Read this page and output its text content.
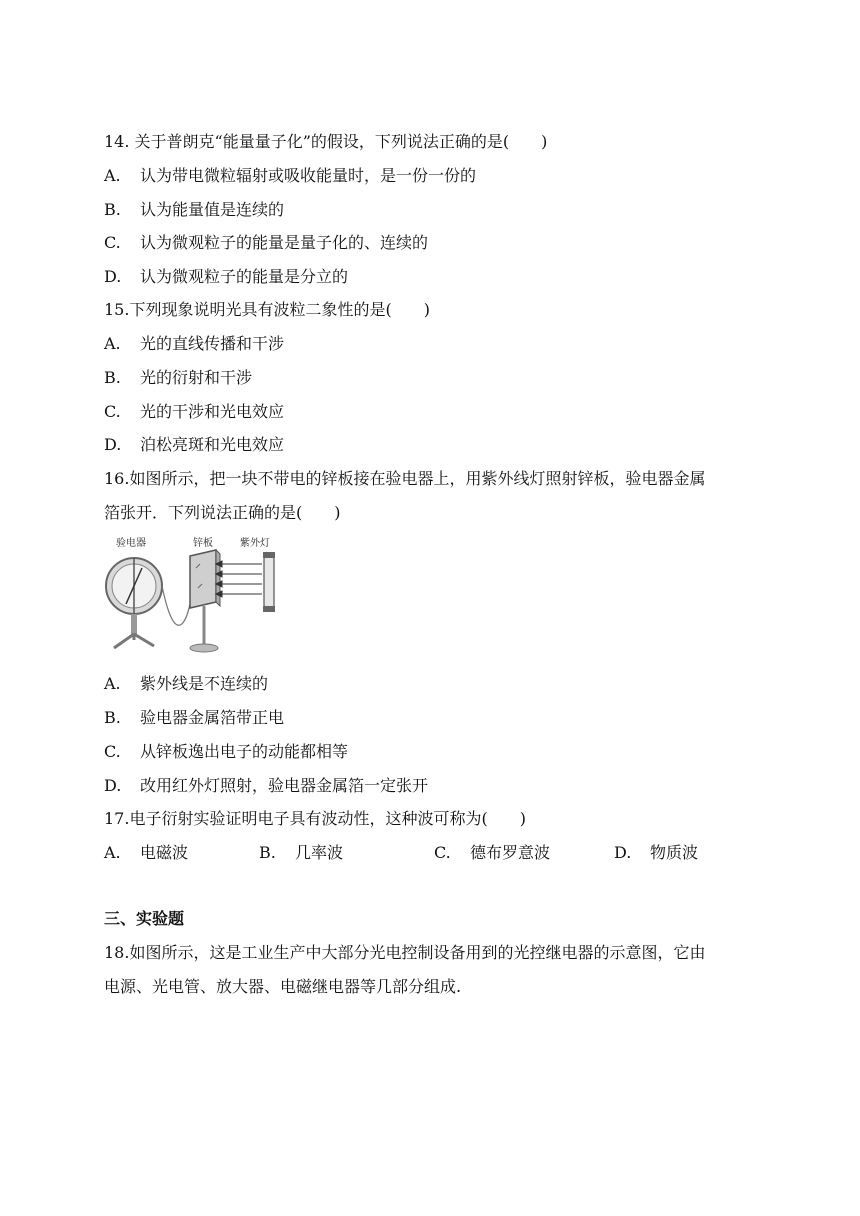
14. 关于普朗克“能量量子化”的假设，下列说法正确的是(　　)
A. 认为带电微粒辐射或吸收能量时，是一份一份的
B. 认为能量值是连续的
C. 认为微观粒子的能量是量子化的、连续的
D. 认为微观粒子的能量是分立的
15.下列现象说明光具有波粒二象性的是(　　)
A. 光的直线传播和干涉
B. 光的衍射和干涉
C. 光的干涉和光电效应
D. 泊松亮斑和光电效应
16.如图所示，把一块不带电的锌板接在验电器上，用紫外线灯照射锌板，验电器金属
箔张开．下列说法正确的是(　　)
验电器	锌板	紫外灯
A. 紫外线是不连续的
B. 验电器金属箔带正电
C. 从锌板逸出电子的动能都相等
D. 改用红外灯照射，验电器金属箔一定张开
17.电子衍射实验证明电子具有波动性，这种波可称为(　　)
A. 电磁波	B. 几率波	C. 德布罗意波	D. 物质波
三、实验题
18.如图所示，这是工业生产中大部分光电控制设备用到的光控继电器的示意图，它由
电源、光电管、放大器、电磁继电器等几部分组成.
